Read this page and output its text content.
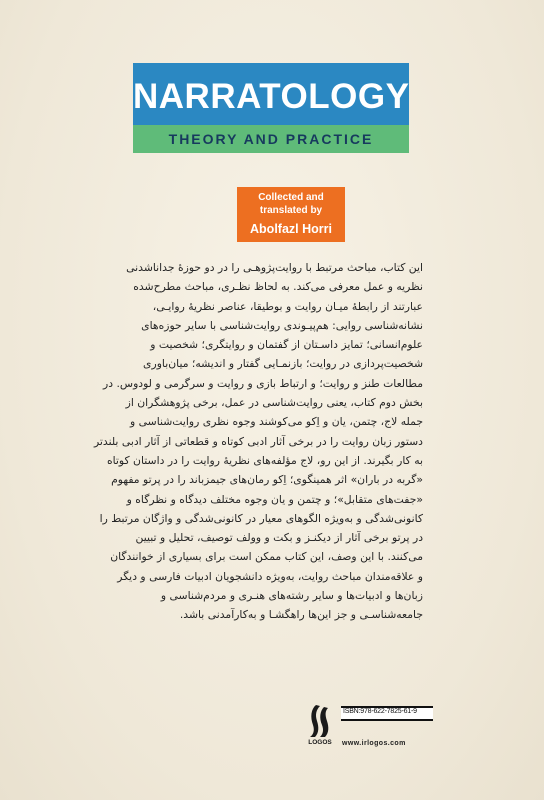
NARRATOLOGY
THEORY AND PRACTICE
Collected and
translated by
Abolfazl Horri
این کتاب، مباحث مرتبط با روایت‌پژوهـی را در دو حوزهٔ جداناشدنی
نظریه و عمل معرفی می‌کند. به لحاظ نظـری، مباحث مطرح‌شده
عبارتند از رابطهٔ میـان روایت و بوطیقا، عناصر نظریهٔ روایـی،
نشانه‌شناسی روایی: هم‌پیـوندی روایت‌شناسی با سایر حوزه‌های
علوم‌انسانی؛ تمایز داسـتان از گفتمان و روایتگری؛ شخصیت و
شخصیت‌پردازی در روایت؛ بازنمـایی گفتار و اندیشه؛ میان‌باوری
مطالعات طنز و روایت؛ و ارتباط بازی و روایت و سرگرمی و لودوس. در
بخش دوم کتاب، یعنی روایت‌شناسی در عمل، برخی پژوهشگران از
جمله لاج، چتمن، یان و اِکو می‌کوشند وجوه نظری روایت‌شناسی و
دستور زبان روایت را در برخی آثار ادبی کوتاه و قطعاتی از آثار ادبی بلندتر
به کار بگیرند. از این رو، لاج مؤلفه‌های نظریهٔ روایت را در داستان کوتاه
«گربه در باران» اثر همینگوی؛ اِکو رمان‌های جیمزباند را در پرتو مفهوم
«جفت‌های متقابل»؛ و چتمن و یان وجوه مختلف دیدگاه و نظرگاه و
کانونی‌شدگی و به‌ویژه الگوهای معیار در کانونی‌شدگی و واژگان مرتبط را
در پرتو برخی آثار از دیکنـز و بکت و وولف توصیف، تحلیل و تبیین
می‌کنند. با این وصف، این کتاب ممکن است برای بسیاری از خوانندگان
و علاقه‌مندان مباحث روایت، به‌ویژه دانشجویان ادبیات فارسی و دیگر
زبان‌ها و ادبیات‌ها و سایر رشته‌های هنـری و مردم‌شناسی و
جامعه‌شناسـی و جز این‌ها راهگشـا و به‌کارآمدنی باشد.
LOGOS
ISBN:978-622-7825-61-9
www.irlogos.com
